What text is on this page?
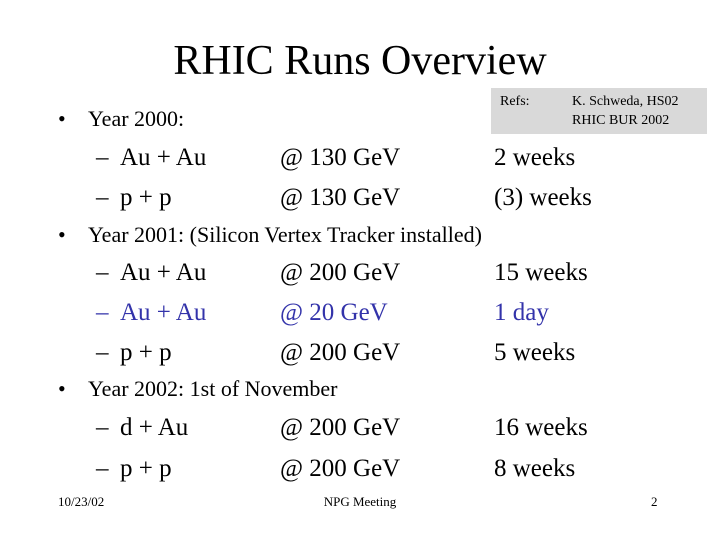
RHIC Runs Overview
Refs:	K. Schweda, HS02
RHIC BUR 2002
• Year 2000:
– Au + Au	@ 130 GeV	2 weeks
– p + p	@ 130 GeV	(3) weeks
• Year 2001: (Silicon Vertex Tracker installed)
– Au + Au	@ 200 GeV	15 weeks
– Au + Au	@ 20 GeV	1 day
– p + p	@ 200 GeV	5 weeks
• Year 2002: 1st of November
– d + Au	@ 200 GeV	16 weeks
– p + p	@ 200 GeV	8 weeks
10/23/02	NPG Meeting	2
